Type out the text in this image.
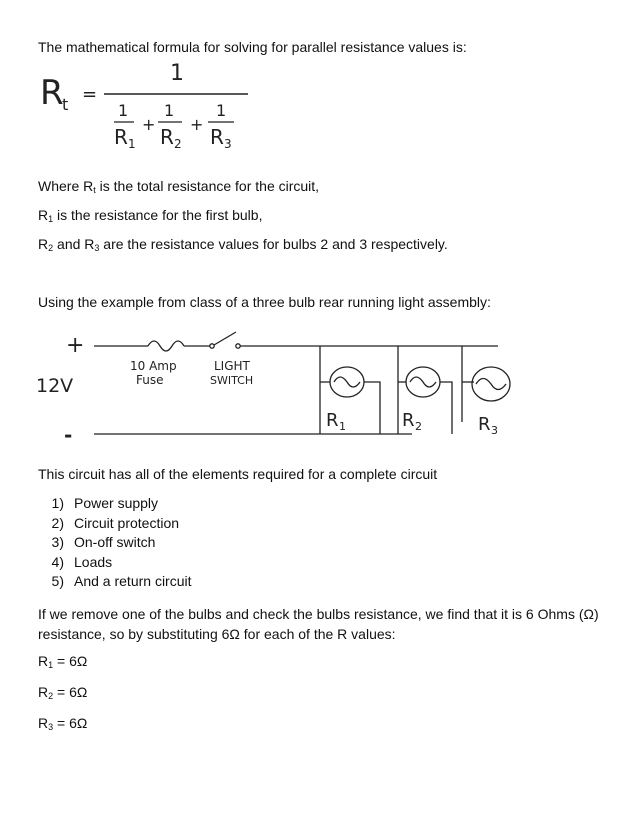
The mathematical formula for solving for parallel resistance values is:
R
t =
1
1
R 1
+
1
R 2
+
1
R 3
Where $R_t$ is the total resistance for the circuit,
$R_1$ is the resistance for the first bulb,
$R_2$ and $R_3$ are the resistance values for bulbs 2 and 3 respectively.
Using the example from class of a three bulb rear running light assembly:
+
12V
-
10 Amp
Fuse
LIGHT
SWITCH
R 1	R 2	R 3
This circuit has all of the elements required for a complete circuit
1) Power supply
2) Circuit protection
3) On-off switch
4) Loads
5) And a return circuit
If we remove one of the bulbs and check the bulbs resistance, we find that it is 6 Ohms (Ω) resistance, so by substituting 6Ω for each of the R values:
$R_1 = 6\Omega$
$R_2 = 6\Omega$
$R_3 = 6\Omega$
